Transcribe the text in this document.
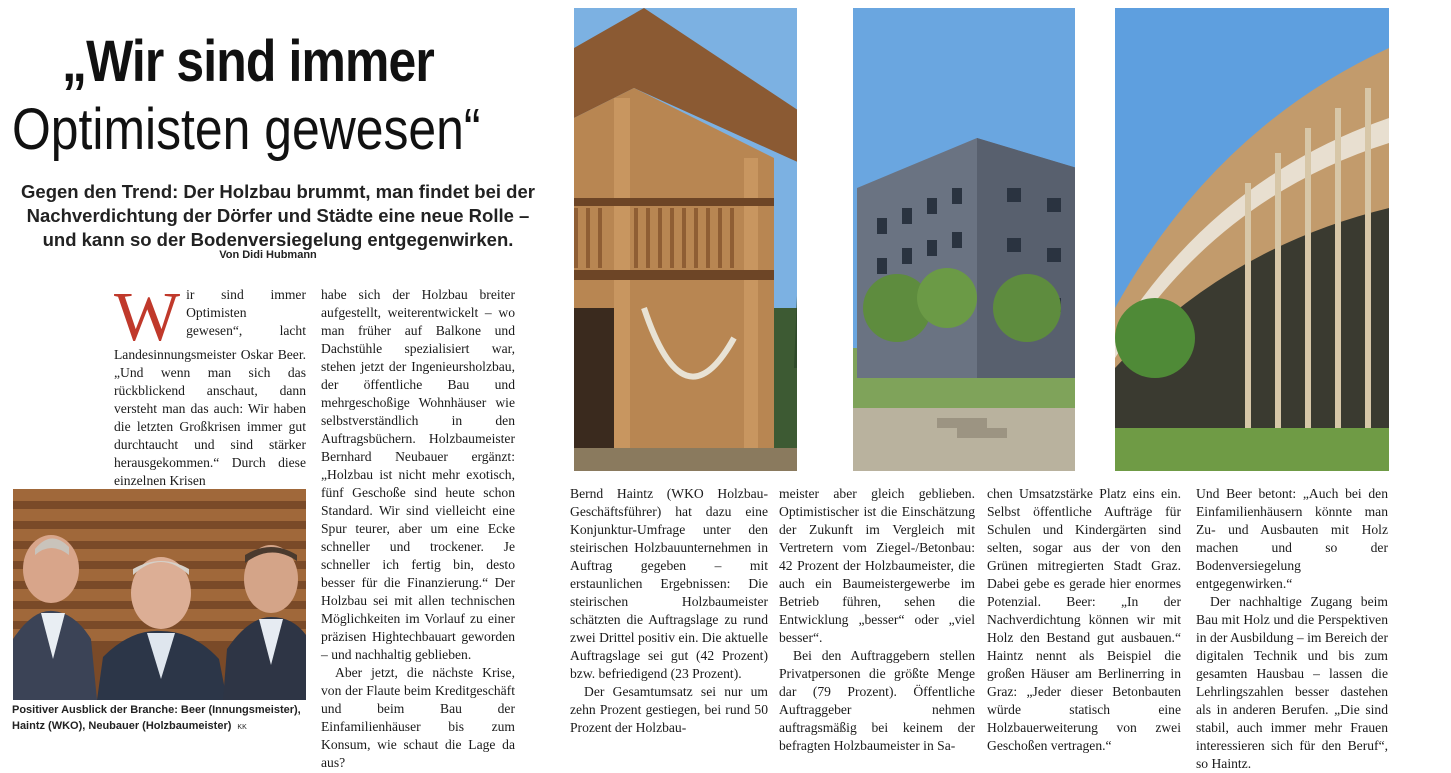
„Wir sind immer
Optimisten gewesen“
Gegen den Trend: Der Holzbau brummt, man findet bei der Nachverdichtung der Dörfer und Städte eine neue Rolle – und kann so der Bodenversiegelung entgegenwirken.
Von Didi Hubmann

Wir sind immer Optimisten gewesen“, lacht Landesinnungsmeister Oskar Beer. „Und wenn man sich das rückblickend anschaut, dann versteht man das auch: Wir haben die letzten Großkrisen immer gut durchtaucht und sind stärker herausgekommen.“ Durch diese einzelnen Krisen

habe sich der Holzbau breiter aufgestellt, weiterentwickelt – wo man früher auf Balkone und Dachstühle spezialisiert war, stehen jetzt der Ingenieursholzbau, der öffentliche Bau und mehrgeschoßige Wohnhäuser wie selbstverständlich in den Auftragsbüchern. Holzbaumeister Bernhard Neubauer ergänzt: „Holzbau ist nicht mehr exotisch, fünf Geschoße sind heute schon Standard. Wir sind vielleicht eine Spur teurer, aber um eine Ecke schneller und trockener. Je schneller ich fertig bin, desto besser für die Finanzierung.“ Der Holzbau sei mit allen technischen Möglichkeiten im Vorlauf zu einer präzisen Hightechbauart geworden – und nachhaltig geblieben.

Aber jetzt, die nächste Krise, von der Flaute beim Kreditgeschäft und beim Bau der Einfamilienhäuser bis zum Konsum, wie schaut die Lage da aus?

Positiver Ausblick der Branche: Beer (Innungsmeister), Haintz (WKO), Neubauer (Holzbaumeister) KK

Bernd Haintz (WKO Holzbau-Geschäftsführer) hat dazu eine Konjunktur-Umfrage unter den steirischen Holzbauunternehmen in Auftrag gegeben – mit erstaunlichen Ergebnissen: Die steirischen Holzbaumeister schätzten die Auftragslage zu rund zwei Drittel positiv ein. Die aktuelle Auftragslage sei gut (42 Prozent) bzw. befriedigend (23 Prozent).

Der Gesamtumsatz sei nur um zehn Prozent gestiegen, bei rund 50 Prozent der Holzbau-

meister aber gleich geblieben. Optimistischer ist die Einschätzung der Zukunft im Vergleich mit Vertretern vom Ziegel-/Betonbau: 42 Prozent der Holzbaumeister, die auch ein Baumeistergewerbe im Betrieb führen, sehen die Entwicklung „besser“ oder „viel besser“.

Bei den Auftraggebern stellen Privatpersonen die größte Menge dar (79 Prozent). Öffentliche Auftraggeber nehmen auftragsmäßig bei keinem der befragten Holzbaumeister in Sa-

chen Umsatzstärke Platz eins ein. Selbst öffentliche Aufträge für Schulen und Kindergärten sind selten, sogar aus der von den Grünen mitregierten Stadt Graz. Dabei gebe es gerade hier enormes Potenzial. Beer: „In der Nachverdichtung können wir mit Holz den Bestand gut ausbauen.“ Haintz nennt als Beispiel die großen Häuser am Berlinerring in Graz: „Jeder dieser Betonbauten würde statisch eine Holzbauerweiterung von zwei Geschoßen vertragen.“

Und Beer betont: „Auch bei den Einfamilienhäusern könnte man Zu- und Ausbauten mit Holz machen und so der Bodenversiegelung entgegenwirken.“

Der nachhaltige Zugang beim Bau mit Holz und die Perspektiven in der Ausbildung – im Bereich der digitalen Technik und bis zum gesamten Hausbau – lassen die Lehrlingszahlen besser dastehen als in anderen Berufen. „Die sind stabil, auch immer mehr Frauen interessieren sich für den Beruf“, so Haintz.
